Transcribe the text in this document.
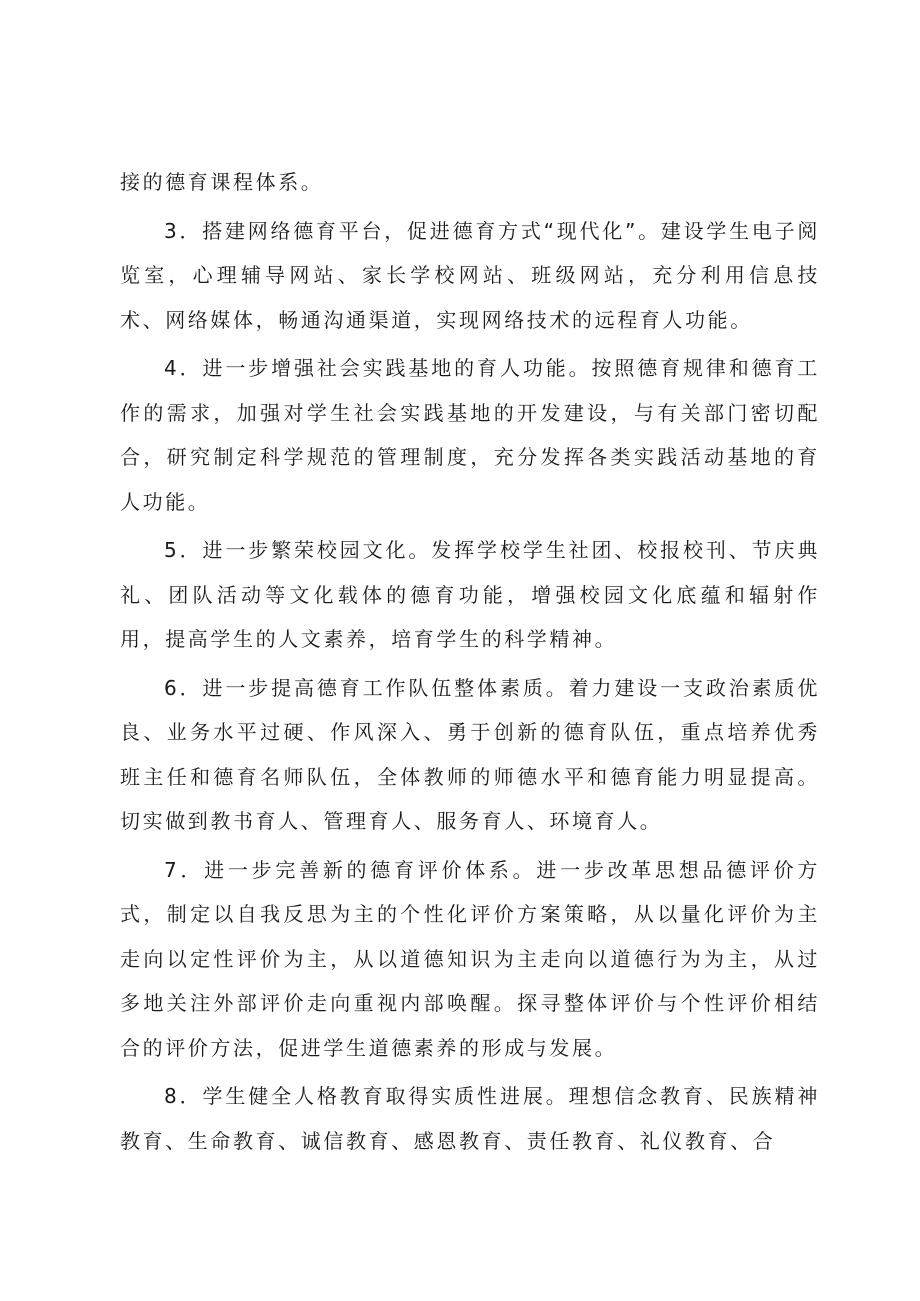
接的德育课程体系。

3．搭建网络德育平台，促进德育方式“现代化”。建设学生电子阅览室，心理辅导网站、家长学校网站、班级网站，充分利用信息技术、网络媒体，畅通沟通渠道，实现网络技术的远程育人功能。

4．进一步增强社会实践基地的育人功能。按照德育规律和德育工作的需求，加强对学生社会实践基地的开发建设，与有关部门密切配合，研究制定科学规范的管理制度，充分发挥各类实践活动基地的育人功能。

5．进一步繁荣校园文化。发挥学校学生社团、校报校刊、节庆典礼、团队活动等文化载体的德育功能，增强校园文化底蕴和辐射作用，提高学生的人文素养，培育学生的科学精神。

6．进一步提高德育工作队伍整体素质。着力建设一支政治素质优良、业务水平过硬、作风深入、勇于创新的德育队伍，重点培养优秀班主任和德育名师队伍，全体教师的师德水平和德育能力明显提高。切实做到教书育人、管理育人、服务育人、环境育人。

7．进一步完善新的德育评价体系。进一步改革思想品德评价方式，制定以自我反思为主的个性化评价方案策略，从以量化评价为主走向以定性评价为主，从以道德知识为主走向以道德行为为主，从过多地关注外部评价走向重视内部唤醒。探寻整体评价与个性评价相结合的评价方法，促进学生道德素养的形成与发展。

8．学生健全人格教育取得实质性进展。理想信念教育、民族精神教育、生命教育、诚信教育、感恩教育、责任教育、礼仪教育、合
